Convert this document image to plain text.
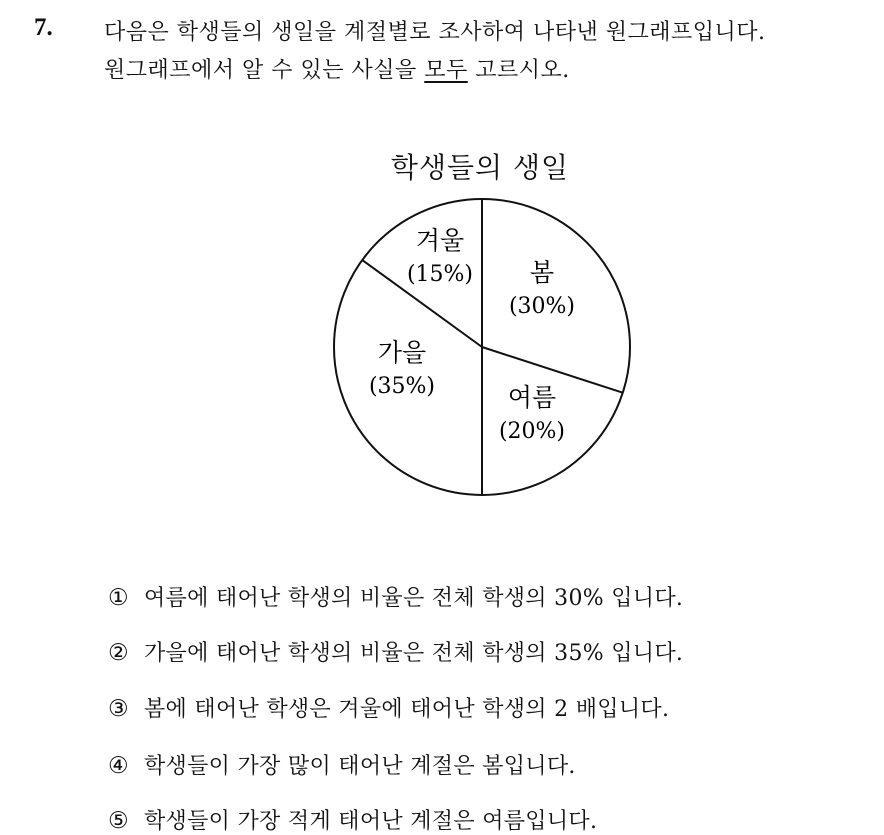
7. 다음은 학생들의 생일을 계절별로 조사하여 나타낸 원그래프입니다.
원그래프에서 알 수 있는 사실을 모두 고르시오.
학생들의 생일
봄
(30%)
여름
(20%)
가을
(35%)
겨울
(15%)
① 여름에 태어난 학생의 비율은 전체 학생의 30% 입니다.
② 가을에 태어난 학생의 비율은 전체 학생의 35% 입니다.
③ 봄에 태어난 학생은 겨울에 태어난 학생의 2 배입니다.
④ 학생들이 가장 많이 태어난 계절은 봄입니다.
⑤ 학생들이 가장 적게 태어난 계절은 여름입니다.
